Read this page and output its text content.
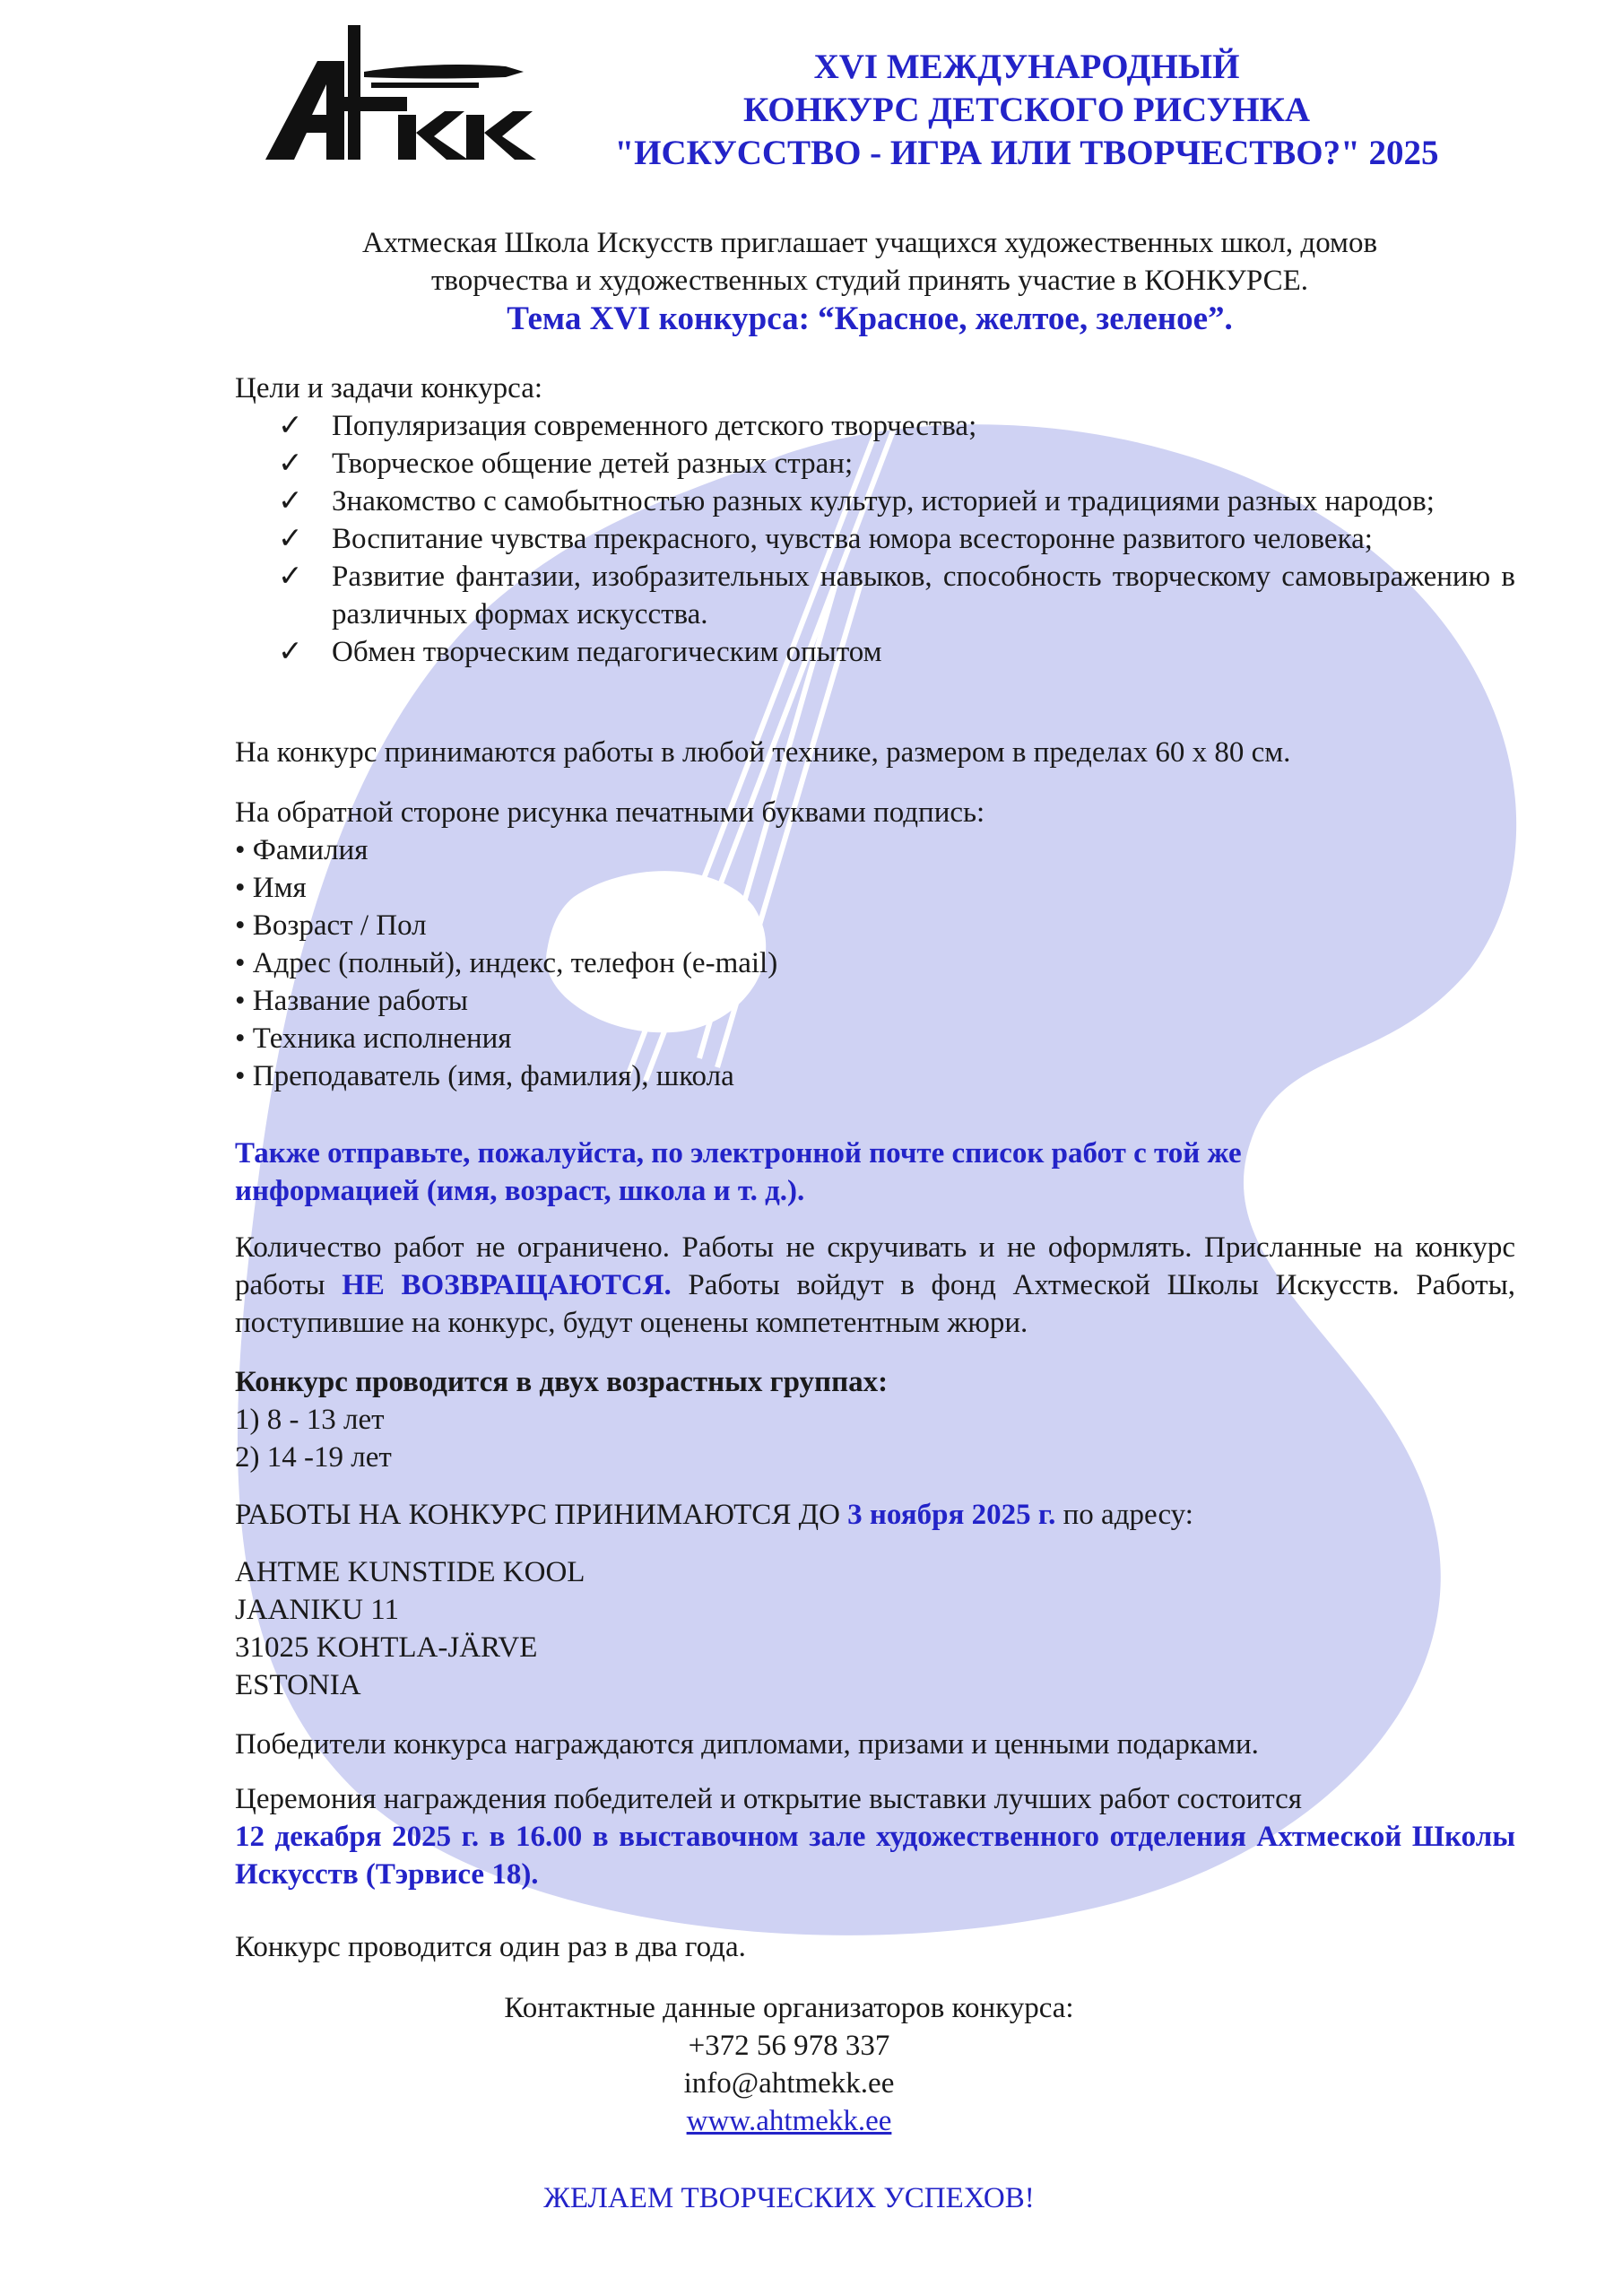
XVI МЕЖДУНАРОДНЫЙ
КОНКУРС ДЕТСКОГО РИСУНКА
"ИСКУССТВО - ИГРА ИЛИ ТВОРЧЕСТВО?" 2025
Ахтмеская Школа Искусств приглашает учащихся художественных школ, домов
творчества и художественных студий принять участие в КОНКУРСЕ.
Тема XVI конкурса: “Красное, желтое, зеленое”.
Цели и задачи конкурса:
✓ Популяризация современного детского творчества;
✓ Творческое общение детей разных стран;
✓ Знакомство с самобытностью разных культур, историей и традициями разных народов;
✓ Воспитание чувства прекрасного, чувства юмора всесторонне развитого человека;
✓ Развитие фантазии, изобразительных навыков, способность творческому самовыражению в различных формах искусства.
✓ Обмен творческим педагогическим опытом
На конкурс принимаются работы в любой технике, размером в пределах 60 х 80 см.
На обратной стороне рисунка печатными буквами подпись:
• Фамилия
• Имя
• Возраст / Пол
• Адрес (полный), индекс, телефон (e-mail)
• Название работы
• Техника исполнения
• Преподаватель (имя, фамилия), школа
Также отправьте, пожалуйста, по электронной почте список работ с той же информацией (имя, возраст, школа и т. д.).
Количество работ не ограничено. Работы не скручивать и не оформлять. Присланные на конкурс работы НЕ ВОЗВРАЩАЮТСЯ. Работы войдут в фонд Ахтмеской Школы Искусств. Работы, поступившие на конкурс, будут оценены компетентным жюри.
Конкурс проводится в двух возрастных группах:
1) 8 - 13 лет
2) 14 -19 лет
РАБОТЫ НА КОНКУРС ПРИНИМАЮТСЯ ДО 3 ноября 2025 г. по адресу:
AHTME KUNSTIDE KOOL
JAANIKU 11
31025 KOHTLA-JÄRVE
ESTONIA
Победители конкурса награждаются дипломами, призами и ценными подарками.
Церемония награждения победителей и открытие выставки лучших работ состоится
12 декабря 2025 г. в 16.00 в выставочном зале художественного отделения Ахтмеской Школы Искусств (Тэрвисе 18).
Конкурс проводится один раз в два года.
Контактные данные организаторов конкурса:
+372 56 978 337
info@ahtmekk.ee
www.ahtmekk.ee
ЖЕЛАЕМ ТВОРЧЕСКИХ УСПЕХОВ!
